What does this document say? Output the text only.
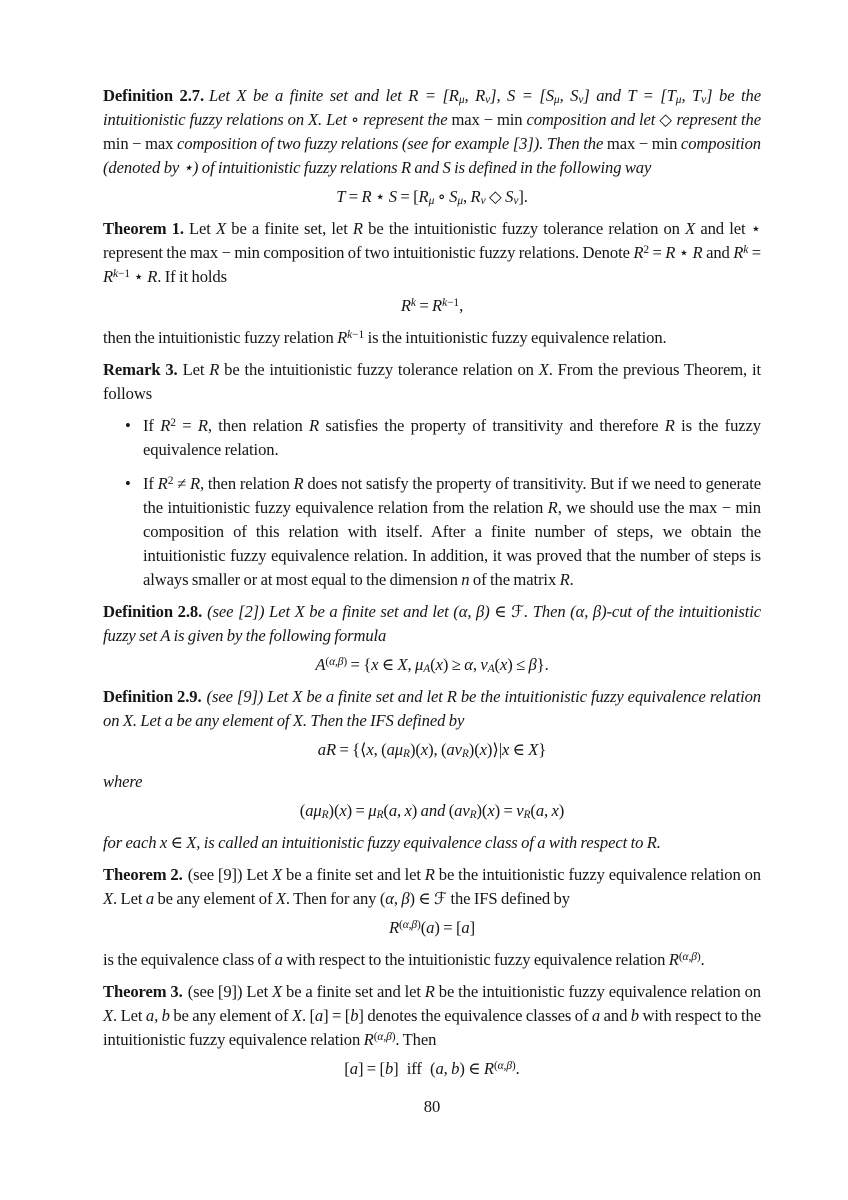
Definition 2.7. Let X be a finite set and let $R = [R_\mu$, $R_\nu$], $S = [S_\mu$, $S_\nu$] and $T = [T_\mu$, $T_\nu$] be the intuitionistic fuzzy relations on X. Let ∘ represent the max − min composition and let ◇ represent the min − max composition of two fuzzy relations (see for example [3]). Then the max − min composition (denoted by ⋆) of intuitionistic fuzzy relations R and S is defined in the following way
T = R ⋆ $S = [R_\mu$ ∘ $S_\mu$, $R_\nu$ ◇ $S_\nu$].
Theorem 1. Let X be a finite set, let R be the intuitionistic fuzzy tolerance relation on X and let ⋆ represent the max − min composition of two intuitionistic fuzzy relations. Denote $R^2 = R$ ⋆ R and $R^k = R^{k-1}$ ⋆ R. If it holds
$R^k = R^{k-1}$,
then the intuitionistic fuzzy relation $R^{k-1}$ is the intuitionistic fuzzy equivalence relation.
Remark 3. Let R be the intuitionistic fuzzy tolerance relation on X. From the previous Theorem, it follows
• If $R^2 = R$, then relation R satisfies the property of transitivity and therefore R is the fuzzy equivalence relation.
• If $R^2 \ne R$, then relation R does not satisfy the property of transitivity. But if we need to generate the intuitionistic fuzzy equivalence relation from the relation R, we should use the max − min composition of this relation with itself. After a finite number of steps, we obtain the intuitionistic fuzzy equivalence relation. In addition, it was proved that the number of steps is always smaller or at most equal to the dimension n of the matrix R.
Definition 2.8. (see [2]) Let X be a finite set and let (α, β) ∈ ℱ. Then (α, β)-cut of the intuitionistic fuzzy set A is given by the following formula
$A^{(\alpha,\beta)} = \{x$ ∈ X, $\mu_A(x) \ge \alpha$, $\nu_A(x) \le \beta$}.
Definition 2.9. (see [9]) Let X be a finite set and let R be the intuitionistic fuzzy equivalence relation on X. Let a be any element of X. Then the IFS defined by
aR = {⟨x, $(a\mu_R)(x)$, $(a\nu_R)(x)⟩|x$ ∈ X}
where
$(a\mu_R)(x) = \mu_R(a$, x) and $(a\nu_R)(x) = \nu_R(a$, x)
for each x ∈ X, is called an intuitionistic fuzzy equivalence class of a with respect to R.
Theorem 2. (see [9]) Let X be a finite set and let R be the intuitionistic fuzzy equivalence relation on X. Let a be any element of X. Then for any (α, β) ∈ ℱ the IFS defined by
$R^{(\alpha,\beta)}(a) = [a]$
is the equivalence class of a with respect to the intuitionistic fuzzy equivalence relation $R^{(\alpha,\beta)}$.
Theorem 3. (see [9]) Let X be a finite set and let R be the intuitionistic fuzzy equivalence relation on X. Let a, b be any element of X. [a] = [b] denotes the equivalence classes of a and b with respect to the intuitionistic fuzzy equivalence relation $R^{(\alpha,\beta)}$. Then
[a] = [b] iff (a, b) ∈ $R^{(\alpha,\beta)}$.
80
